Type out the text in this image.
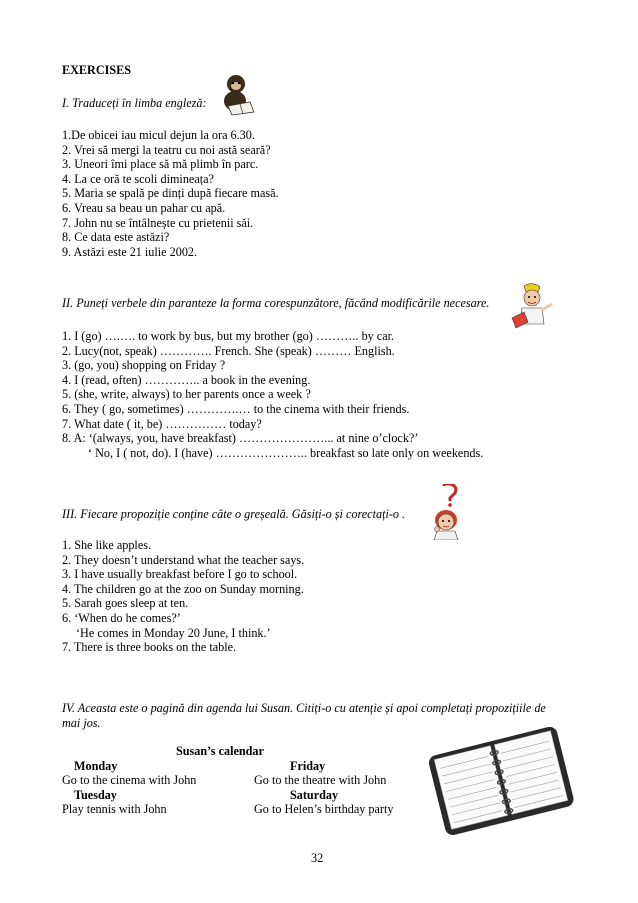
EXERCISES
I. Traduceți în limba engleză:
1.De obicei iau micul dejun la ora 6.30.
2. Vrei să mergi la teatru cu noi astă seară?
3. Uneori îmi place să mă plimb în parc.
4. La ce oră te scoli dimineața?
5. Maria se spală pe dinți după fiecare masă.
6. Vreau sa beau un pahar cu apă.
7. John nu se întâlnește cu prietenii săi.
8. Ce data este astăzi?
9. Astăzi este 21 iulie 2002.
II. Puneți verbele din paranteze la forma corespunzătore, făcând modificările necesare.
1. I (go) ….…. to work by bus, but my brother (go) ……….. by car.
2. Lucy(not, speak) …………. French. She (speak) ……… English.
3. (go, you) shopping on Friday ?
4. I (read, often) ………….. a book in the evening.
5. (she, write, always) to her parents once a week ?
6. They ( go, sometimes) ………….… to the cinema with their friends.
7. What date ( it, be) …………… today?
8. A: ‘(always, you, have breakfast) …………………... at nine o’clock?’
‘ No, I ( not, do). I (have) ………………….. breakfast so late only on weekends.
III. Fiecare propoziție conține câte o greșeală. Găsiți-o și corectați-o .
1. She like apples.
2. They doesn’t understand what the teacher says.
3. I have usually breakfast before I go to school.
4. The children go at the zoo on Sunday morning.
5. Sarah goes sleep at ten.
6. ‘When do he comes?’
‘He comes in Monday 20 June, I think.’
7. There is three books on the table.
IV. Aceasta este o pagină din agenda lui Susan. Citiți-o cu atenție și apoi completați propozițiile de
mai jos.
Susan’s calendar
Monday	Friday
Go to the cinema with John	Go to the theatre with John
Tuesday	Saturday
Play tennis with John	Go to Helen’s birthday party
32
